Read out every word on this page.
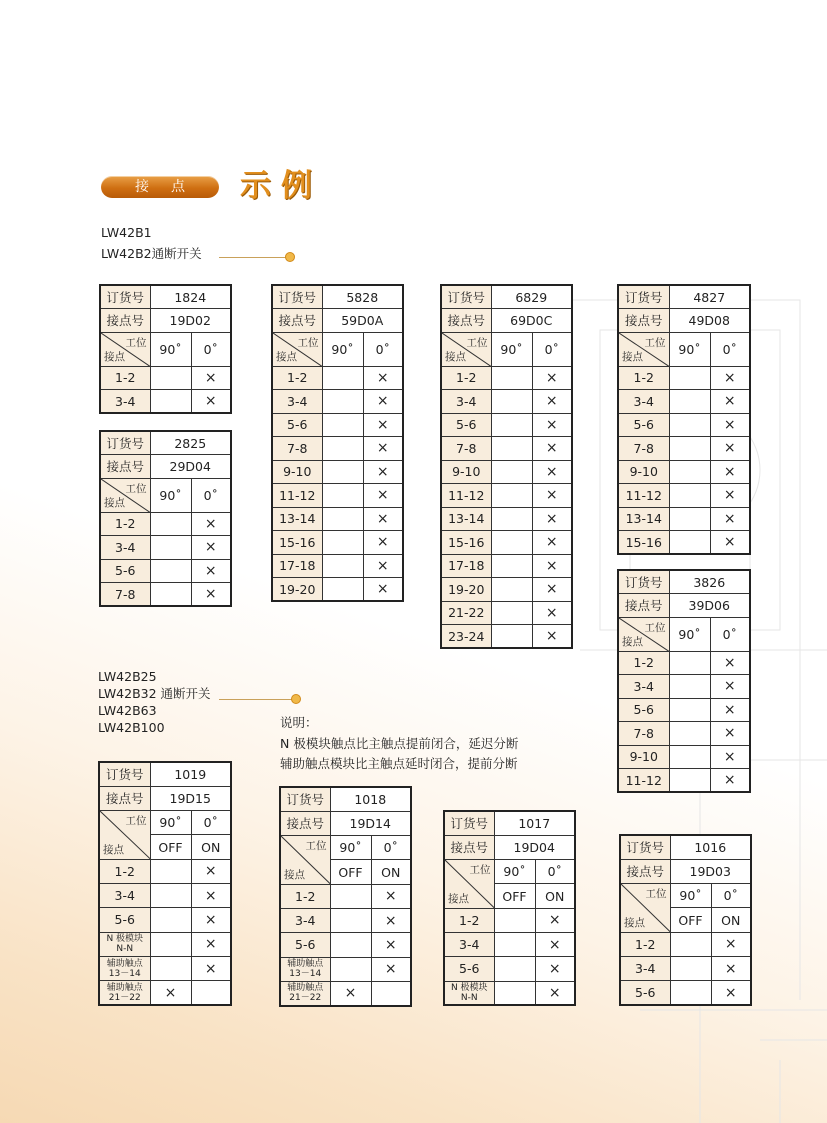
接点	示例
LW42B1
LW42B2通断开关
LW42B25
LW42B32 通断开关
LW42B63
LW42B100	说明：
N 极模块触点比主触点提前闭合，延迟分断
辅助触点模块比主触点延时闭合，提前分断
订货号	1824	
接点号	19D02	

工位
接点	90˚	0˚
1-2		×
3-4		×
订货号	2825	
接点号	29D04	

工位
接点	90˚	0˚
1-2		×
3-4		×
5-6		×
7-8		×
订货号	5828	
接点号	59D0A	

工位
接点	90˚	0˚
1-2		×
3-4		×
5-6		×
7-8		×
9-10		×
11-12		×
13-14		×
15-16		×
17-18		×
19-20		×
订货号	6829	
接点号	69D0C	

工位
接点	90˚	0˚
1-2		×
3-4		×
5-6		×
7-8		×
9-10		×
11-12		×
13-14		×
15-16		×
17-18		×
19-20		×
21-22		×
23-24		×
订货号	4827	
接点号	49D08	

工位
接点	90˚	0˚
1-2		×
3-4		×
5-6		×
7-8		×
9-10		×
11-12		×
13-14		×
15-16		×
订货号	3826	
接点号	39D06	

工位
接点	90˚	0˚
1-2		×
3-4		×
5-6		×
7-8		×
9-10		×
11-12		×
订货号	1019	
接点号	19D15	

工位
接点	90˚	0˚
	OFF	ON
1-2		×
3-4		×
5-6		×

N 极模块
N-N		×

辅助触点
13－14		×

辅助触点
21－22	×	
订货号	1018	
接点号	19D14	

工位
接点	90˚	0˚
	OFF	ON
1-2		×
3-4		×
5-6		×

辅助触点
13－14		×

辅助触点
21－22	×	
订货号	1017	
接点号	19D04	

工位
接点	90˚	0˚
	OFF	ON
1-2		×
3-4		×
5-6		×

N 极模块
N-N		×
订货号	1016	
接点号	19D03	

工位
接点	90˚	0˚
	OFF	ON
1-2		×
3-4		×
5-6		×
